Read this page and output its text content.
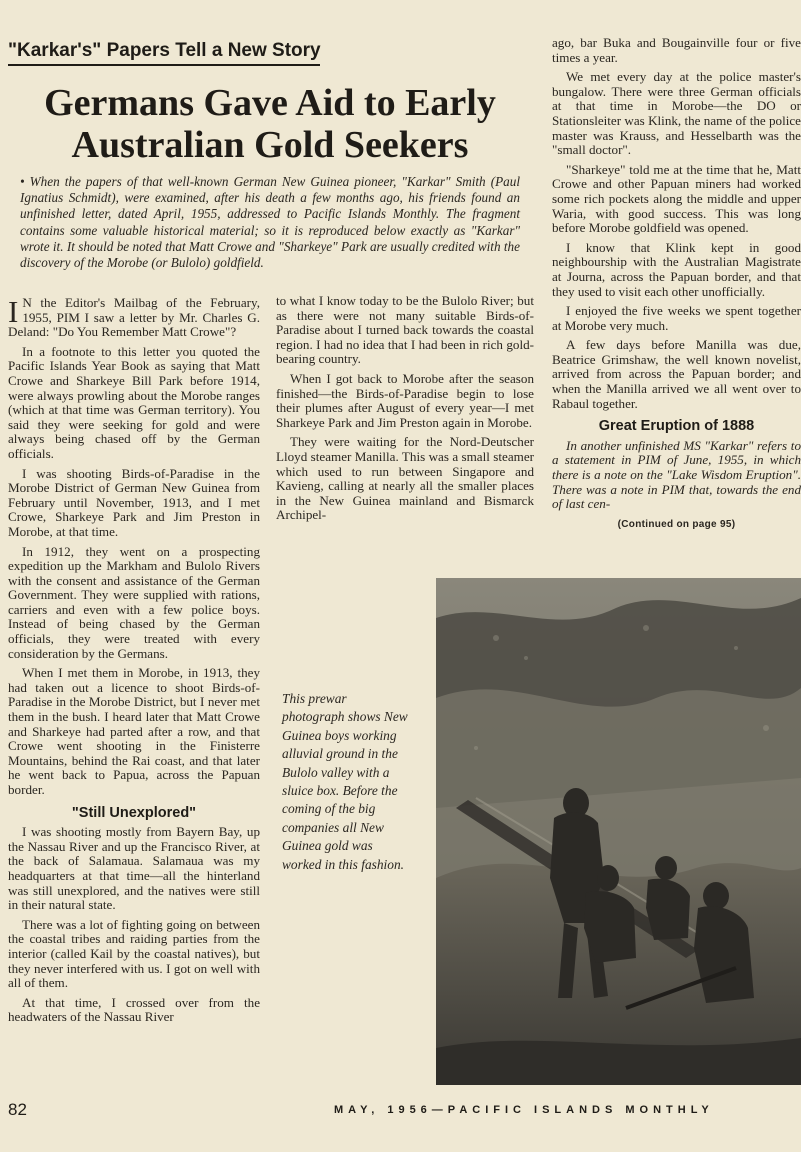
"Karkar's" Papers Tell a New Story
Germans Gave Aid to Early
Australian Gold Seekers
• When the papers of that well-known German New Guinea pioneer, "Karkar" Smith (Paul Ignatius Schmidt), were examined, after his death a few months ago, his friends found an unfinished letter, dated April, 1955, addressed to Pacific Islands Monthly. The fragment contains some valuable historical material; so it is reproduced below exactly as "Karkar" wrote it. It should be noted that Matt Crowe and "Sharkeye" Park are usually credited with the discovery of the Morobe (or Bulolo) goldfield.

I N the Editor's Mailbag of the February, 1955, PIM I saw a letter by Mr. Charles G. Deland: "Do You Remember Matt Crowe"?

In a footnote to this letter you quoted the Pacific Islands Year Book as saying that Matt Crowe and Sharkeye Bill Park before 1914, were always prowling about the Morobe ranges (which at that time was German territory). You said they were seeking for gold and were always being chased off by the German officials.

I was shooting Birds-of-Paradise in the Morobe District of German New Guinea from February until November, 1913, and I met Crowe, Sharkeye Park and Jim Preston in Morobe, at that time.

In 1912, they went on a prospecting expedition up the Markham and Bulolo Rivers with the consent and assistance of the German Government. They were supplied with rations, carriers and even with a few police boys. Instead of being chased by the German officials, they were treated with every consideration by the Germans.

When I met them in Morobe, in 1913, they had taken out a licence to shoot Birds-of-Paradise in the Morobe District, but I never met them in the bush. I heard later that Matt Crowe and Sharkeye had parted after a row, and that Crowe went shooting in the Finisterre Mountains, behind the Rai coast, and that later he went back to Papua, across the Papuan border.

"Still Unexplored"

I was shooting mostly from Bayern Bay, up the Nassau River and up the Francisco River, at the back of Salamaua. Salamaua was my headquarters at that time—all the hinterland was still unexplored, and the natives were still in their natural state.

There was a lot of fighting going on between the coastal tribes and raiding parties from the interior (called Kail by the coastal natives), but they never interfered with us. I got on well with all of them.

At that time, I crossed over from the headwaters of the Nassau River

to what I know today to be the Bulolo River; but as there were not many suitable Birds-of-Paradise about I turned back towards the coastal region. I had no idea that I had been in rich gold-bearing country.

When I got back to Morobe after the season finished—the Birds-of-Paradise begin to lose their plumes after August of every year—I met Sharkeye Park and Jim Preston again in Morobe.

They were waiting for the Nord-Deutscher Lloyd steamer Manilla. This was a small steamer which used to run between Singapore and Kavieng, calling at nearly all the smaller places in the New Guinea mainland and Bismarck Archipel-

ago, bar Buka and Bougainville four or five times a year.

We met every day at the police master's bungalow. There were three German officials at that time in Morobe—the DO or Stationsleiter was Klink, the name of the police master was Krauss, and Hesselbarth was the "small doctor".

"Sharkeye" told me at the time that he, Matt Crowe and other Papuan miners had worked some rich pockets along the middle and upper Waria, with good success. This was long before Morobe goldfield was opened.

I know that Klink kept in good neighbourship with the Australian Magistrate at Journa, across the Papuan border, and that they used to visit each other unofficially.

I enjoyed the five weeks we spent together at Morobe very much.

A few days before Manilla was due, Beatrice Grimshaw, the well known novelist, arrived from across the Papuan border; and when the Manilla arrived we all went over to Rabaul together.

Great Eruption of 1888

In another unfinished MS "Karkar" refers to a statement in PIM of June, 1955, in which there is a note on the "Lake Wisdom Eruption". There was a note in PIM that, towards the end of last cen-

(Continued on page 95)
This prewar photograph shows New Guinea boys working alluvial ground in the Bulolo valley with a sluice box. Before the coming of the big companies all New Guinea gold was worked in this fashion.
82	MAY, 1956—PACIFIC ISLANDS MONTHLY
